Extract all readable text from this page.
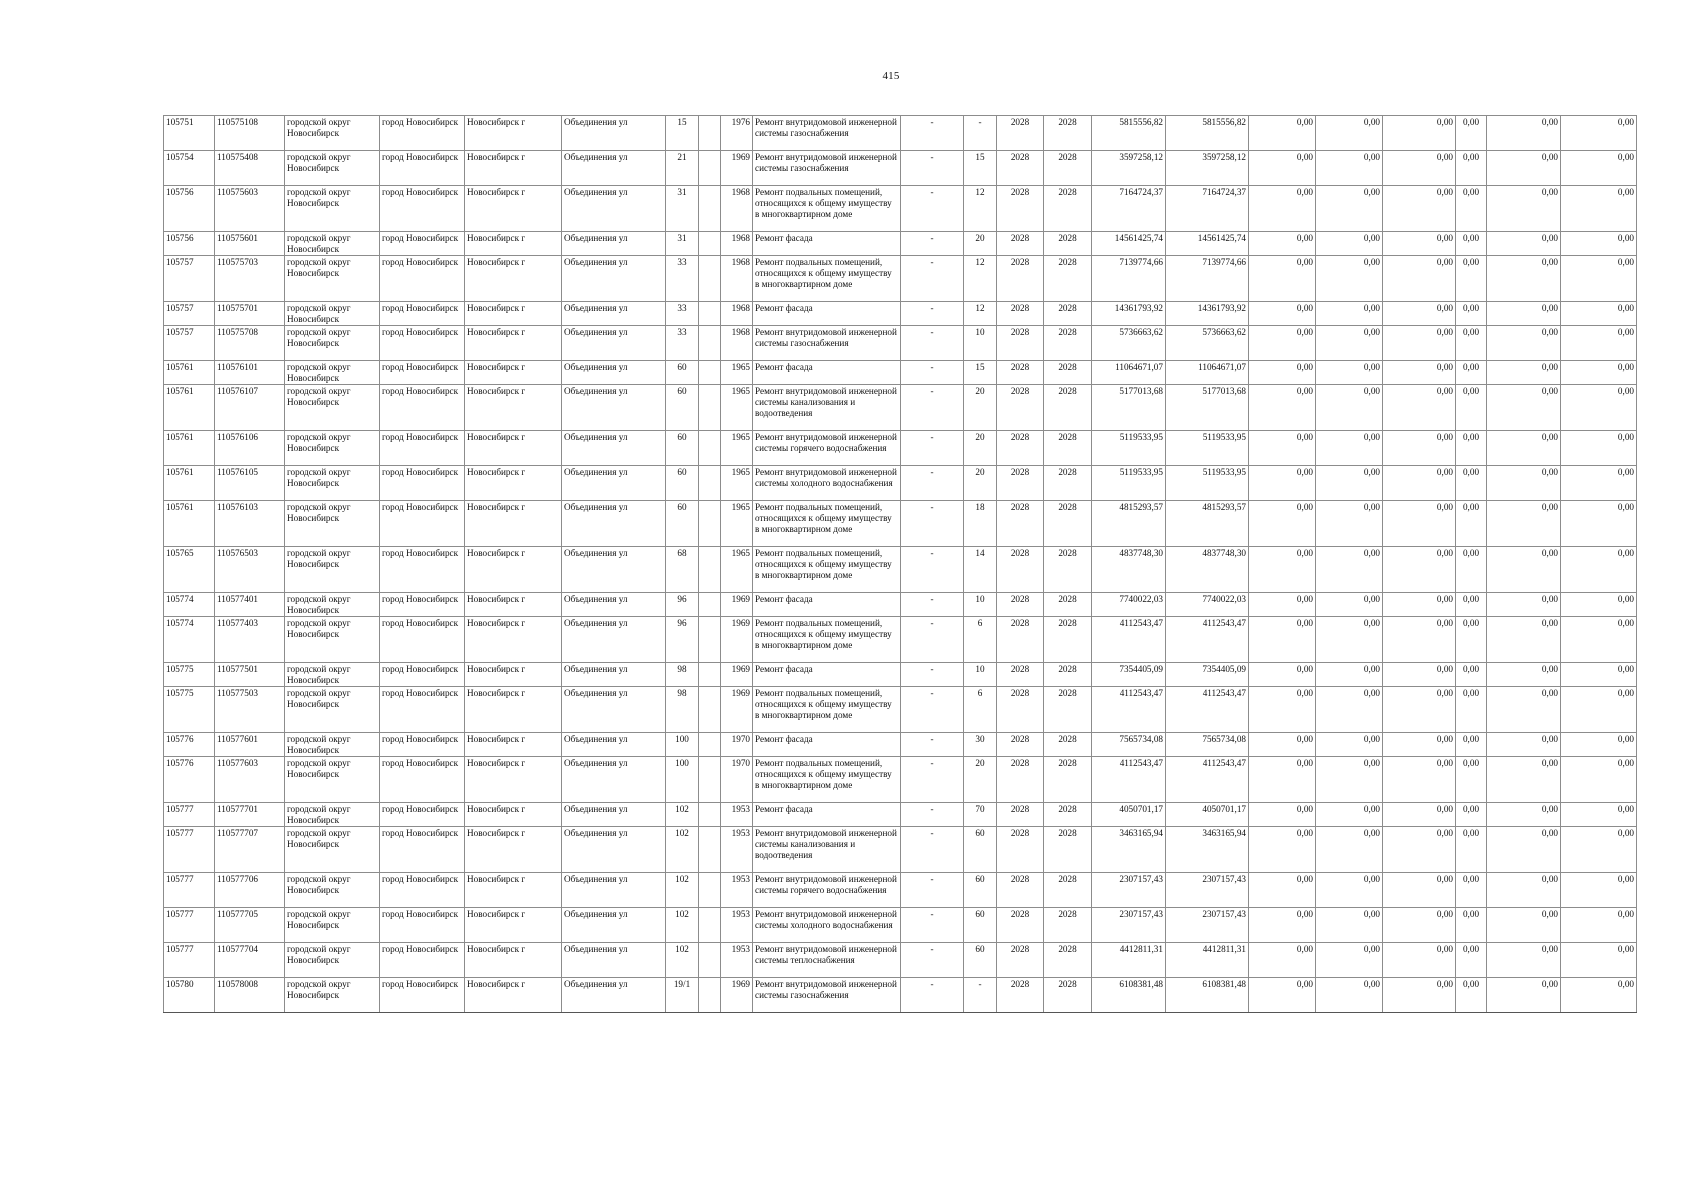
415
105751	110575108	городской округ Новосибирск	город Новосибирск	Новосибирск г	Объединения ул	15		1976	Ремонт внутридомовой инженерной системы газоснабжения	-	-	2028	2028	5815556,82	5815556,82	0,00	0,00	0,00	0,00	0,00	0,00
105754	110575408	городской округ Новосибирск	город Новосибирск	Новосибирск г	Объединения ул	21		1969	Ремонт внутридомовой инженерной системы газоснабжения	-	15	2028	2028	3597258,12	3597258,12	0,00	0,00	0,00	0,00	0,00	0,00
105756	110575603	городской округ Новосибирск	город Новосибирск	Новосибирск г	Объединения ул	31		1968	Ремонт подвальных помещений, относящихся к общему имуществу в многоквартирном доме	-	12	2028	2028	7164724,37	7164724,37	0,00	0,00	0,00	0,00	0,00	0,00
105756	110575601	городской округ Новосибирск	город Новосибирск	Новосибирск г	Объединения ул	31		1968	Ремонт фасада	-	20	2028	2028	14561425,74	14561425,74	0,00	0,00	0,00	0,00	0,00	0,00
105757	110575703	городской округ Новосибирск	город Новосибирск	Новосибирск г	Объединения ул	33		1968	Ремонт подвальных помещений, относящихся к общему имуществу в многоквартирном доме	-	12	2028	2028	7139774,66	7139774,66	0,00	0,00	0,00	0,00	0,00	0,00
105757	110575701	городской округ Новосибирск	город Новосибирск	Новосибирск г	Объединения ул	33		1968	Ремонт фасада	-	12	2028	2028	14361793,92	14361793,92	0,00	0,00	0,00	0,00	0,00	0,00
105757	110575708	городской округ Новосибирск	город Новосибирск	Новосибирск г	Объединения ул	33		1968	Ремонт внутридомовой инженерной системы газоснабжения	-	10	2028	2028	5736663,62	5736663,62	0,00	0,00	0,00	0,00	0,00	0,00
105761	110576101	городской округ Новосибирск	город Новосибирск	Новосибирск г	Объединения ул	60		1965	Ремонт фасада	-	15	2028	2028	11064671,07	11064671,07	0,00	0,00	0,00	0,00	0,00	0,00
105761	110576107	городской округ Новосибирск	город Новосибирск	Новосибирск г	Объединения ул	60		1965	Ремонт внутридомовой инженерной системы канализования и водоотведения	-	20	2028	2028	5177013,68	5177013,68	0,00	0,00	0,00	0,00	0,00	0,00
105761	110576106	городской округ Новосибирск	город Новосибирск	Новосибирск г	Объединения ул	60		1965	Ремонт внутридомовой инженерной системы горячего водоснабжения	-	20	2028	2028	5119533,95	5119533,95	0,00	0,00	0,00	0,00	0,00	0,00
105761	110576105	городской округ Новосибирск	город Новосибирск	Новосибирск г	Объединения ул	60		1965	Ремонт внутридомовой инженерной системы холодного водоснабжения	-	20	2028	2028	5119533,95	5119533,95	0,00	0,00	0,00	0,00	0,00	0,00
105761	110576103	городской округ Новосибирск	город Новосибирск	Новосибирск г	Объединения ул	60		1965	Ремонт подвальных помещений, относящихся к общему имуществу в многоквартирном доме	-	18	2028	2028	4815293,57	4815293,57	0,00	0,00	0,00	0,00	0,00	0,00
105765	110576503	городской округ Новосибирск	город Новосибирск	Новосибирск г	Объединения ул	68		1965	Ремонт подвальных помещений, относящихся к общему имуществу в многоквартирном доме	-	14	2028	2028	4837748,30	4837748,30	0,00	0,00	0,00	0,00	0,00	0,00
105774	110577401	городской округ Новосибирск	город Новосибирск	Новосибирск г	Объединения ул	96		1969	Ремонт фасада	-	10	2028	2028	7740022,03	7740022,03	0,00	0,00	0,00	0,00	0,00	0,00
105774	110577403	городской округ Новосибирск	город Новосибирск	Новосибирск г	Объединения ул	96		1969	Ремонт подвальных помещений, относящихся к общему имуществу в многоквартирном доме	-	6	2028	2028	4112543,47	4112543,47	0,00	0,00	0,00	0,00	0,00	0,00
105775	110577501	городской округ Новосибирск	город Новосибирск	Новосибирск г	Объединения ул	98		1969	Ремонт фасада	-	10	2028	2028	7354405,09	7354405,09	0,00	0,00	0,00	0,00	0,00	0,00
105775	110577503	городской округ Новосибирск	город Новосибирск	Новосибирск г	Объединения ул	98		1969	Ремонт подвальных помещений, относящихся к общему имуществу в многоквартирном доме	-	6	2028	2028	4112543,47	4112543,47	0,00	0,00	0,00	0,00	0,00	0,00
105776	110577601	городской округ Новосибирск	город Новосибирск	Новосибирск г	Объединения ул	100		1970	Ремонт фасада	-	30	2028	2028	7565734,08	7565734,08	0,00	0,00	0,00	0,00	0,00	0,00
105776	110577603	городской округ Новосибирск	город Новосибирск	Новосибирск г	Объединения ул	100		1970	Ремонт подвальных помещений, относящихся к общему имуществу в многоквартирном доме	-	20	2028	2028	4112543,47	4112543,47	0,00	0,00	0,00	0,00	0,00	0,00
105777	110577701	городской округ Новосибирск	город Новосибирск	Новосибирск г	Объединения ул	102		1953	Ремонт фасада	-	70	2028	2028	4050701,17	4050701,17	0,00	0,00	0,00	0,00	0,00	0,00
105777	110577707	городской округ Новосибирск	город Новосибирск	Новосибирск г	Объединения ул	102		1953	Ремонт внутридомовой инженерной системы канализования и водоотведения	-	60	2028	2028	3463165,94	3463165,94	0,00	0,00	0,00	0,00	0,00	0,00
105777	110577706	городской округ Новосибирск	город Новосибирск	Новосибирск г	Объединения ул	102		1953	Ремонт внутридомовой инженерной системы горячего водоснабжения	-	60	2028	2028	2307157,43	2307157,43	0,00	0,00	0,00	0,00	0,00	0,00
105777	110577705	городской округ Новосибирск	город Новосибирск	Новосибирск г	Объединения ул	102		1953	Ремонт внутридомовой инженерной системы холодного водоснабжения	-	60	2028	2028	2307157,43	2307157,43	0,00	0,00	0,00	0,00	0,00	0,00
105777	110577704	городской округ Новосибирск	город Новосибирск	Новосибирск г	Объединения ул	102		1953	Ремонт внутридомовой инженерной системы теплоснабжения	-	60	2028	2028	4412811,31	4412811,31	0,00	0,00	0,00	0,00	0,00	0,00
105780	110578008	городской округ Новосибирск	город Новосибирск	Новосибирск г	Объединения ул	19/1		1969	Ремонт внутридомовой инженерной системы газоснабжения	-	-	2028	2028	6108381,48	6108381,48	0,00	0,00	0,00	0,00	0,00	0,00
